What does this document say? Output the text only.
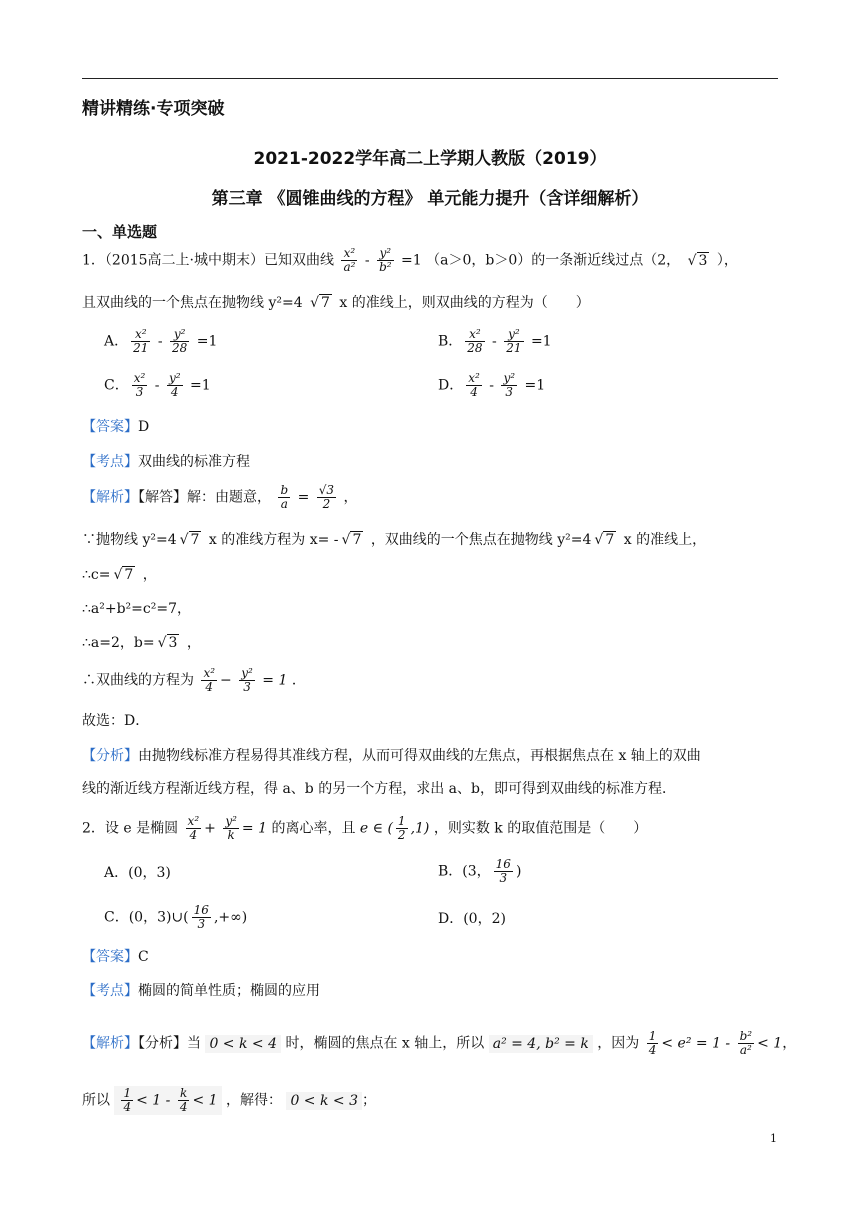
精讲精练·专项突破
2021-2022学年高二上学期人教版（2019）
第三章 《圆锥曲线的方程》 单元能力提升（含详细解析）
一、单选题
1．（2015高二上·城中期末）已知双曲线 $\frac{\text{x²}}{\text{a²}} - \frac{\text{y²}}{\text{b²}} =1$ （a＞0，b＞0）的一条渐近线过点（2， √ 3 ），
且双曲线的一个焦点在抛物线 y²=4 √ 7 x 的准线上，则双曲线的方程为（　　）
A． $\frac{\text{x²}}{21} - \frac{\text{y²}}{28} =1$	B． $\frac{\text{x²}}{28} - \frac{\text{y²}}{21} =1$
C． $\frac{\text{x²}}{3} - \frac{\text{y²}}{4} =1$	D． $\frac{\text{x²}}{4} - \frac{\text{y²}}{3} =1$
【答案】D
【考点】双曲线的标准方程
【解析】【解答】解：由题意， $\frac{b}{a} = \frac{√3}{2}$ ，
∵抛物线 y²=4 √ 7 x 的准线方程为 x= - √ 7 ，双曲线的一个焦点在抛物线 y²=4 √ 7 x 的准线上，
∴c= √ 7 ，
∴a²+b²=c²=7，
∴a=2，b= √ 3 ，
∴双曲线的方程为 $\frac{\text{x²}}{4} - \frac{\text{y²}}{3} = 1$ ．
故选：D．
【分析】由抛物线标准方程易得其准线方程，从而可得双曲线的左焦点，再根据焦点在 x 轴上的双曲
线的渐近线方程渐近线方程，得 a、b 的另一个方程，求出 a、b，即可得到双曲线的标准方程．
2．设 e 是椭圆 $\frac{\text{x²}}{4} + \frac{\text{y²}}{k} = 1$ 的离心率，且 e ∈ ( $\frac{1}{2} ,1$) ，则实数 k 的取值范围是（　　）
A．(0，3)	B．(3， $\frac{16}{3}$ )
C．(0，3)∪( $\frac{16}{3}$ ,+∞)	D．(0，2)
【答案】C
【考点】椭圆的简单性质；椭圆的应用
【解析】【分析】当 0 < k < 4 时，椭圆的焦点在 x 轴上，所以 a² = 4, b² = k ，因为 $\frac{1}{4} < e^2 = 1 - \frac{\text{b²}}{\text{a²}} < 1$，
所以 $\frac{1}{4} < 1 - \frac{k}{4} < 1$ ，解得： 0 < k < 3 ；
1
